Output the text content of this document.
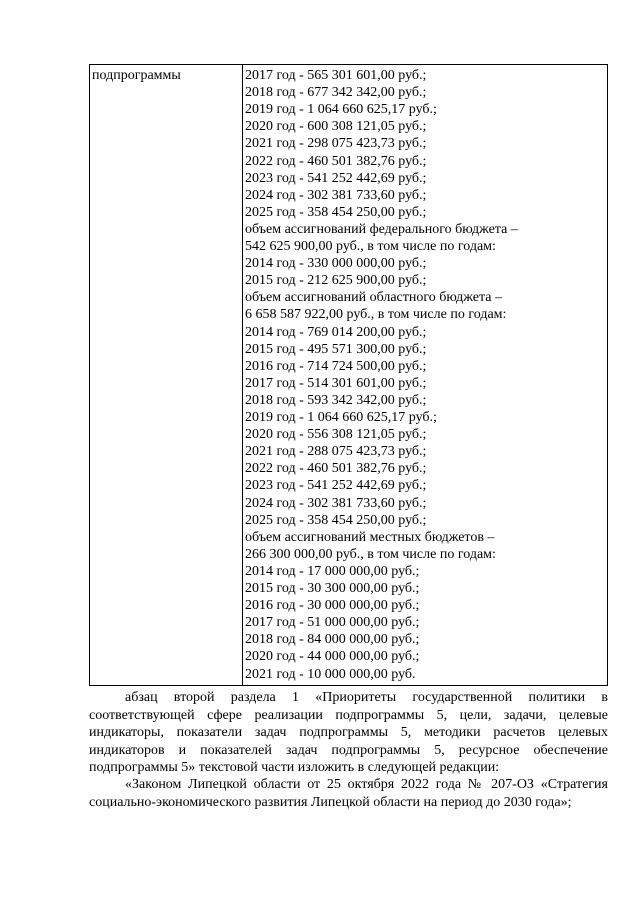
подпрограммы	2017 год - 565 301 601,00 руб.;
2018 год - 677 342 342,00 руб.;
2019 год - 1 064 660 625,17 руб.;
2020 год - 600 308 121,05 руб.;
2021 год - 298 075 423,73 руб.;
2022 год - 460 501 382,76 руб.;
2023 год - 541 252 442,69 руб.;
2024 год - 302 381 733,60 руб.;
2025 год - 358 454 250,00 руб.;
объем ассигнований федерального бюджета –
542 625 900,00 руб., в том числе по годам:
2014 год - 330 000 000,00 руб.;
2015 год - 212 625 900,00 руб.;
объем ассигнований областного бюджета –
6 658 587 922,00 руб., в том числе по годам:
2014 год - 769 014 200,00 руб.;
2015 год - 495 571 300,00 руб.;
2016 год - 714 724 500,00 руб.;
2017 год - 514 301 601,00 руб.;
2018 год - 593 342 342,00 руб.;
2019 год - 1 064 660 625,17 руб.;
2020 год - 556 308 121,05 руб.;
2021 год - 288 075 423,73 руб.;
2022 год - 460 501 382,76 руб.;
2023 год - 541 252 442,69 руб.;
2024 год - 302 381 733,60 руб.;
2025 год - 358 454 250,00 руб.;
объем ассигнований местных бюджетов –
266 300 000,00 руб., в том числе по годам:
2014 год - 17 000 000,00 руб.;
2015 год - 30 300 000,00 руб.;
2016 год - 30 000 000,00 руб.;
2017 год - 51 000 000,00 руб.;
2018 год - 84 000 000,00 руб.;
2020 год - 44 000 000,00 руб.;
2021 год - 10 000 000,00 руб.

абзац второй раздела 1 «Приоритеты государственной политики в соответствующей сфере реализации подпрограммы 5, цели, задачи, целевые индикаторы, показатели задач подпрограммы 5, методики расчетов целевых индикаторов и показателей задач подпрограммы 5, ресурсное обеспечение подпрограммы 5» текстовой части изложить в следующей редакции:

«Законом Липецкой области от 25 октября 2022 года № 207-ОЗ «Стратегия социально-экономического развития Липецкой области на период до 2030 года»;
